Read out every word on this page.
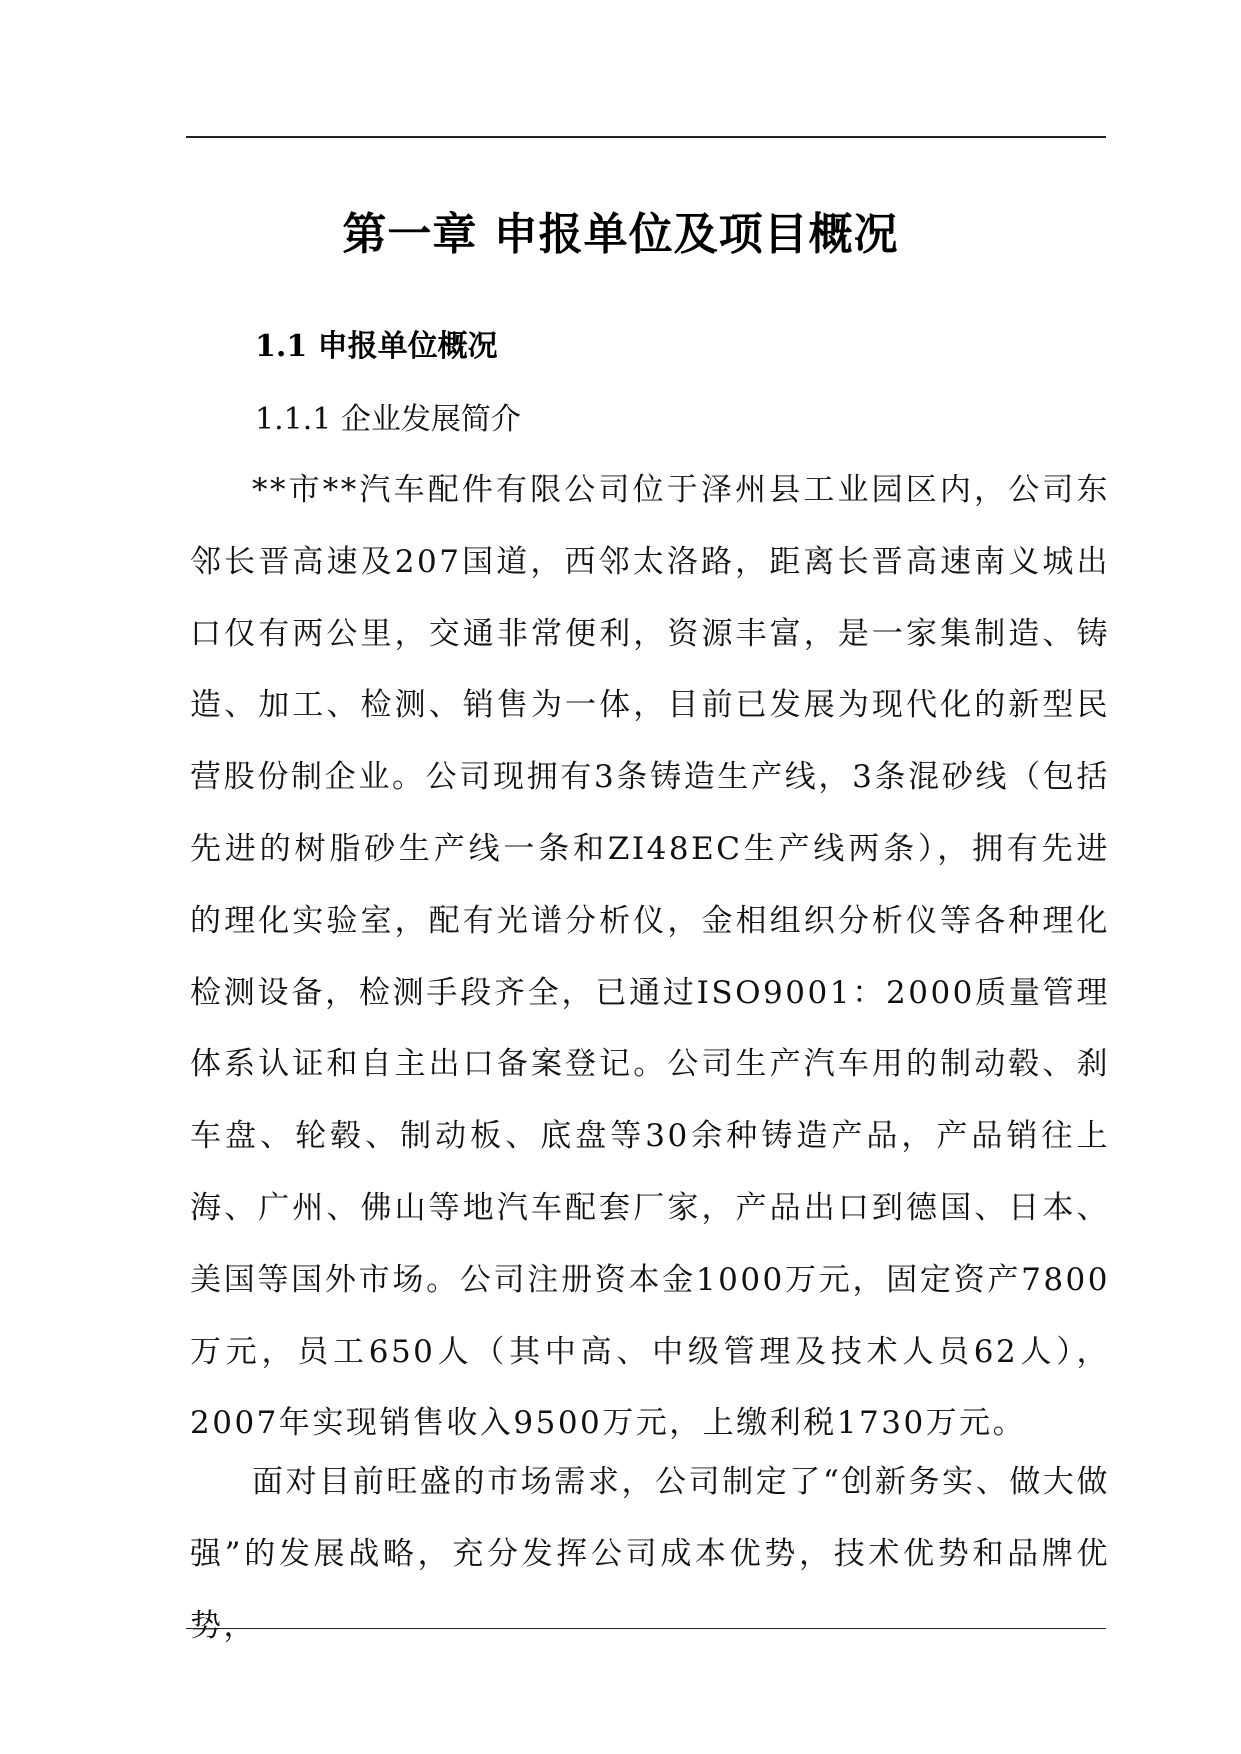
第一章 申报单位及项目概况
1.1 申报单位概况
1.1.1 企业发展简介

**市**汽车配件有限公司位于泽州县工业园区内，公司东邻长晋高速及207国道，西邻太洛路，距离长晋高速南义城出口仅有两公里，交通非常便利，资源丰富，是一家集制造、铸造、加工、检测、销售为一体，目前已发展为现代化的新型民营股份制企业。公司现拥有3条铸造生产线，3条混砂线（包括先进的树脂砂生产线一条和ZI48EC生产线两条），拥有先进的理化实验室，配有光谱分析仪，金相组织分析仪等各种理化检测设备，检测手段齐全，已通过ISO9001：2000质量管理体系认证和自主出口备案登记。公司生产汽车用的制动毂、刹车盘、轮毂、制动板、底盘等30余种铸造产品，产品销往上海、广州、佛山等地汽车配套厂家，产品出口到德国、日本、美国等国外市场。公司注册资本金1000万元，固定资产7800万元，员工650人（其中高、中级管理及技术人员62人），2007年实现销售收入9500万元，上缴利税1730万元。

面对目前旺盛的市场需求，公司制定了“创新务实、做大做强”的发展战略，充分发挥公司成本优势，技术优势和品牌优势，
